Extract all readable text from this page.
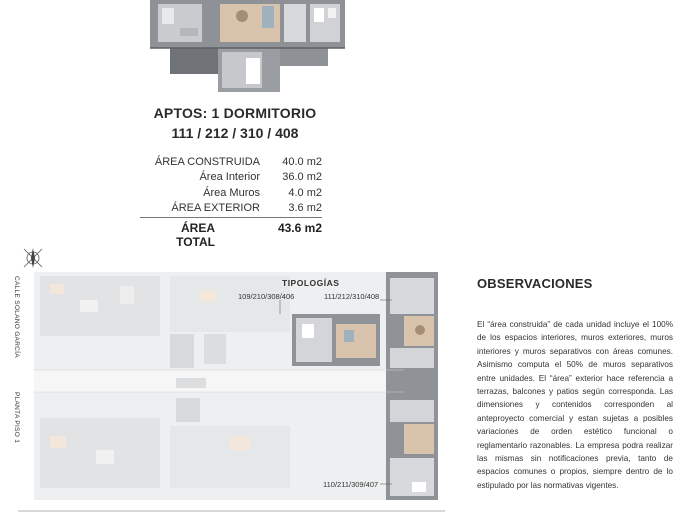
APTOS: 1 DORMITORIO
111 / 212 / 310 / 408
ÁREA CONSTRUIDA	40.0 m2
Área Interior	36.0 m2
Área Muros	4.0 m2
ÁREA EXTERIOR	3.6 m2
ÁREA TOTAL
43.6 m2
CALLE SOLANO GARCÍA
PLANTA PISO 1
TIPOLOGÍAS
109/210/308/406	111/212/310/408
110/211/309/407
OBSERVACIONES
El “área construida” de cada unidad incluye el 100% de los espacios interiores, muros exteriores, muros interiores y muros separativos con áreas comunes. Asimismo computa el 50% de muros separativos entre unidades. El “área” exterior hace referencia a terrazas, balcones y patios según corresponda. Las dimensiones y contenidos corresponden al anteproyecto comercial y estan sujetas a posibles variaciones de orden estético funcional o reglamentario razonables. La empresa podra realizar las mismas sin notificaciones previa, tanto de espacios comunes o propios, siempre dentro de lo estipulado por las normativas vigentes.
